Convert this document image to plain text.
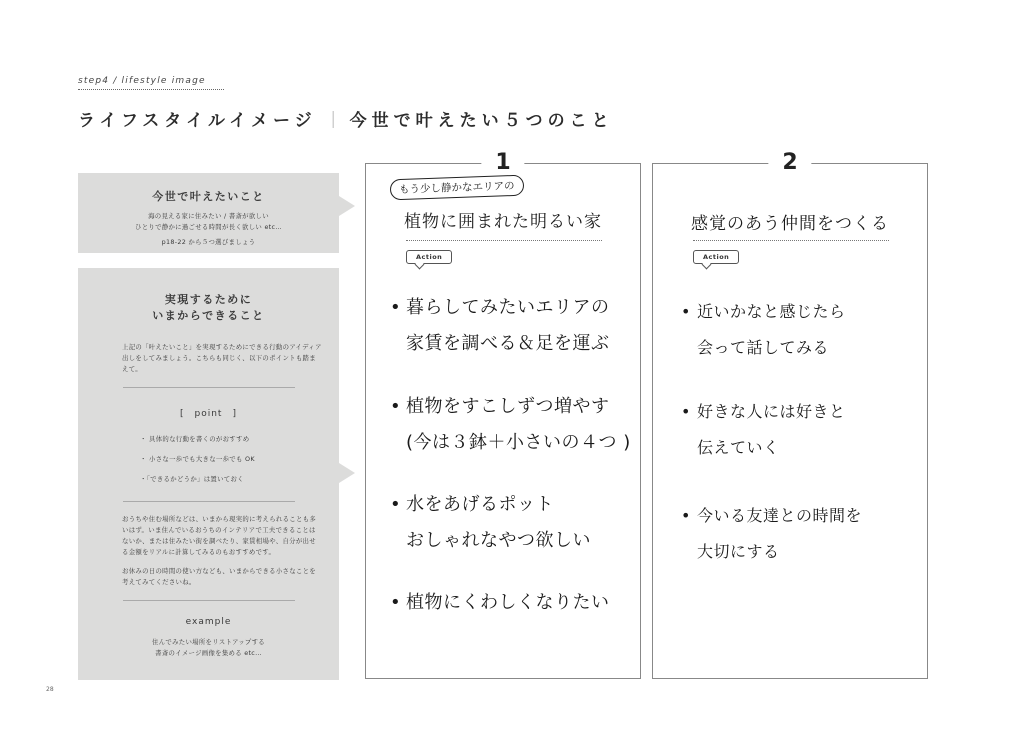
step4 / lifestyle image
ライフスタイルイメージ ｜ 今世で叶えたい５つのこと
今世で叶えたいこと
海の見える家に住みたい / 書斎が欲しい
ひとりで静かに過ごせる時間が長く欲しい etc…
p18-22 から５つ選びましょう
実現するために
いまからできること
上記の「叶えたいこと」を実現するためにできる行動のアイディア出しをしてみましょう。こちらも同じく、以下のポイントも踏まえて。
[　point　]
・ 具体的な行動を書くのがおすすめ
・ 小さな一歩でも大きな一歩でも OK
・「できるかどうか」は置いておく
おうちや住む場所などは、いまから現実的に考えられることも多いはず。いま住んでいるおうちのインテリアで工夫できることはないか、または住みたい街を調べたり、家賃相場や、自分が出せる金額をリアルに計算してみるのもおすすめです。
お休みの日の時間の使い方なども、いまからできる小さなことを考えてみてくださいね。
example
住んでみたい場所をリストアップする
書斎のイメージ画像を集める etc…
1
もう少し静かなエリアの
植物に囲まれた明るい家
Action
• 暮らしてみたいエリアの
家賃を調べる＆足を運ぶ
• 植物をすこしずつ増やす
(今は３鉢＋小さいの４つ )
• 水をあげるポット
おしゃれなやつ欲しい
• 植物にくわしくなりたい
2
感覚のあう仲間をつくる
Action
• 近いかなと感じたら
会って話してみる
• 好きな人には好きと
伝えていく
• 今いる友達との時間を
大切にする
28
